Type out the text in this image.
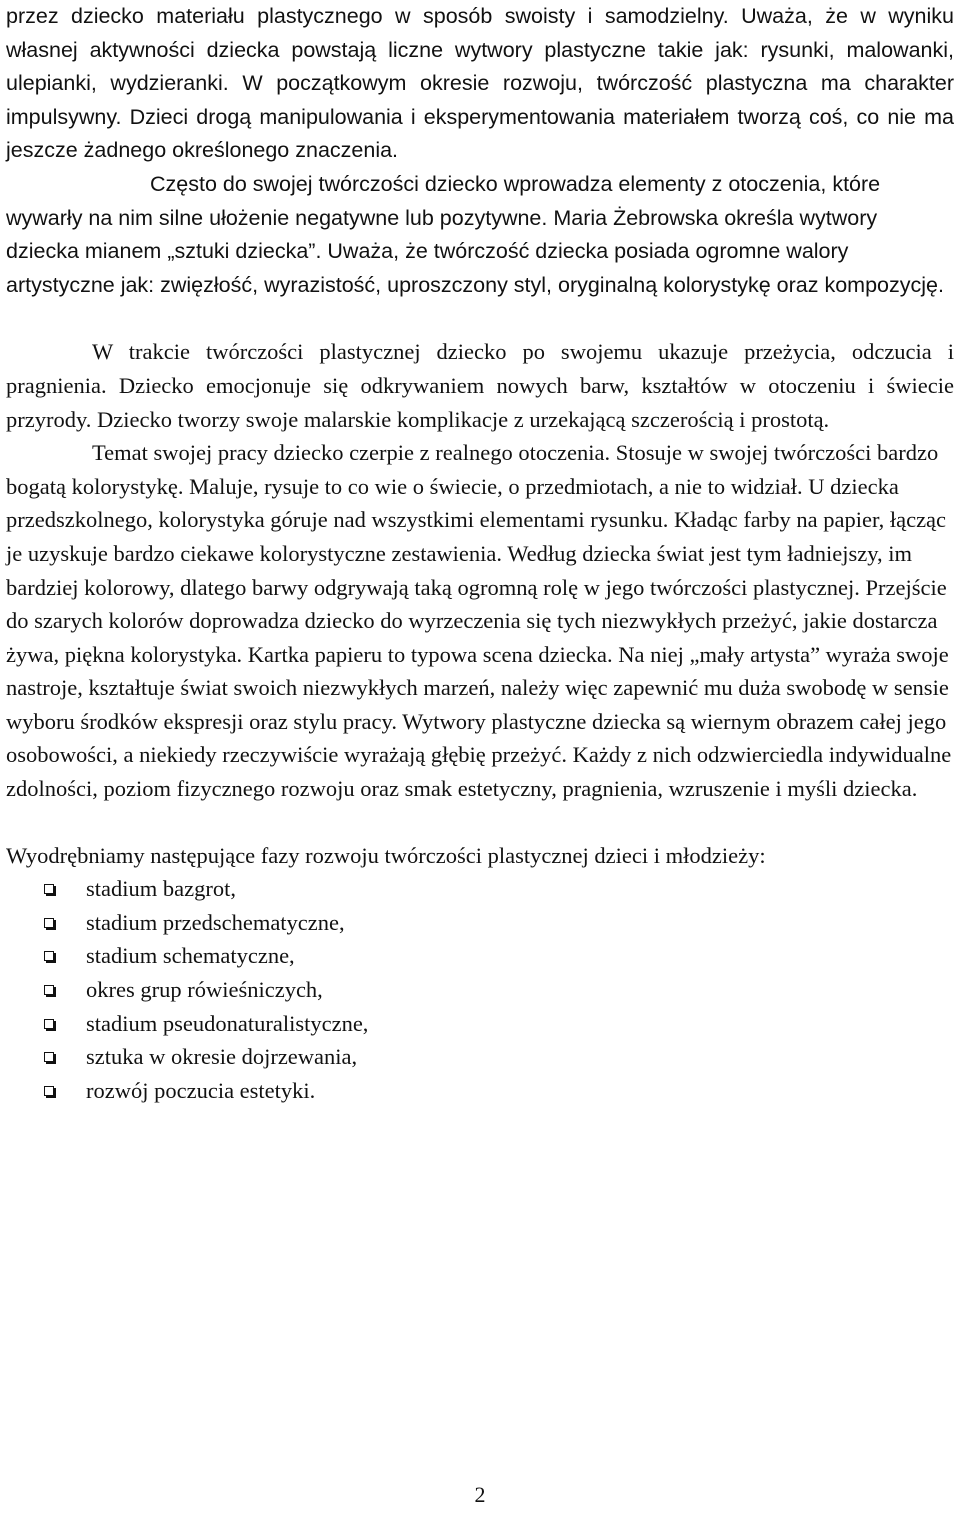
przez dziecko materiału plastycznego w sposób swoisty i samodzielny. Uważa, że w wyniku własnej aktywności dziecka powstają liczne wytwory plastyczne takie jak: rysunki, malowanki, ulepianki, wydzieranki. W początkowym okresie rozwoju, twórczość plastyczna ma charakter impulsywny. Dzieci drogą manipulowania i eksperymentowania materiałem tworzą coś, co nie ma jeszcze żadnego określonego znaczenia.

Często do swojej twórczości dziecko wprowadza elementy z otoczenia, które wywarły na nim silne ułożenie negatywne lub pozytywne. Maria Żebrowska określa wytwory dziecka mianem „sztuki dziecka”. Uważa, że twórczość dziecka posiada ogromne walory artystyczne jak: zwięzłość, wyrazistość, uproszczony styl, oryginalną kolorystykę oraz kompozycję.

W trakcie twórczości plastycznej dziecko po swojemu ukazuje przeżycia, odczucia i pragnienia. Dziecko emocjonuje się odkrywaniem nowych barw, kształtów w otoczeniu i świecie przyrody. Dziecko tworzy swoje malarskie komplikacje z urzekającą szczerością i prostotą.

Temat swojej pracy dziecko czerpie z realnego otoczenia. Stosuje w swojej twórczości bardzo bogatą kolorystykę. Maluje, rysuje to co wie o świecie, o przedmiotach, a nie to widział. U dziecka przedszkolnego, kolorystyka góruje nad wszystkimi elementami rysunku. Kładąc farby na papier, łącząc je uzyskuje bardzo ciekawe kolorystyczne zestawienia. Według dziecka świat jest tym ładniejszy, im bardziej kolorowy, dlatego barwy odgrywają taką ogromną rolę w jego twórczości plastycznej. Przejście do szarych kolorów doprowadza dziecko do wyrzeczenia się tych niezwykłych przeżyć, jakie dostarcza żywa, piękna kolorystyka. Kartka papieru to typowa scena dziecka. Na niej „mały artysta” wyraża swoje nastroje, kształtuje świat swoich niezwykłych marzeń, należy więc zapewnić mu duża swobodę w sensie wyboru środków ekspresji oraz stylu pracy. Wytwory plastyczne dziecka są wiernym obrazem całej jego osobowości, a niekiedy rzeczywiście wyrażają głębię przeżyć. Każdy z nich odzwierciedla indywidualne zdolności, poziom fizycznego rozwoju oraz smak estetyczny, pragnienia, wzruszenie i myśli dziecka.

Wyodrębniamy następujące fazy rozwoju twórczości plastycznej dzieci i młodzieży:

stadium bazgrot,
stadium przedschematyczne,
stadium schematyczne,
okres grup rówieśniczych,
stadium pseudonaturalistyczne,
sztuka w okresie dojrzewania,
rozwój poczucia estetyki.
2
